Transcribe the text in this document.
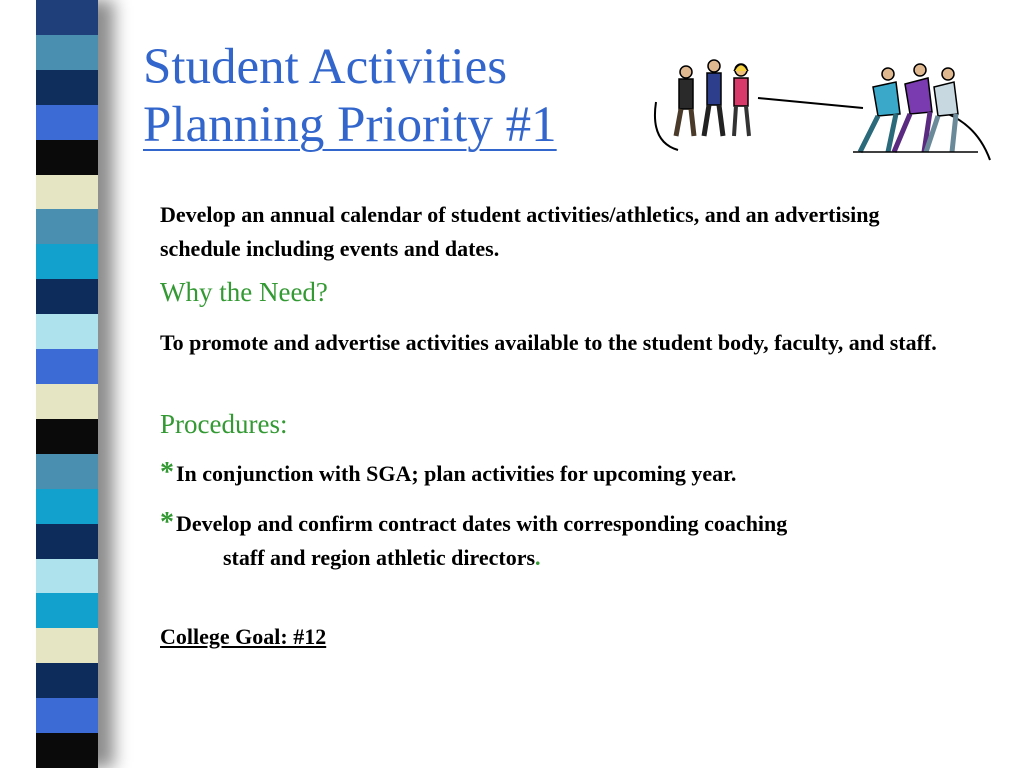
Student Activities
Planning Priority #1

Develop an annual calendar of student activities/athletics, and an advertising schedule including events and dates.

Why the Need?

To promote and advertise activities available to the student body, faculty, and staff.

Procedures:

*In conjunction with SGA; plan activities for upcoming year.

*Develop and confirm contract dates with corresponding coaching
staff and region athletic directors.

College Goal: #12
